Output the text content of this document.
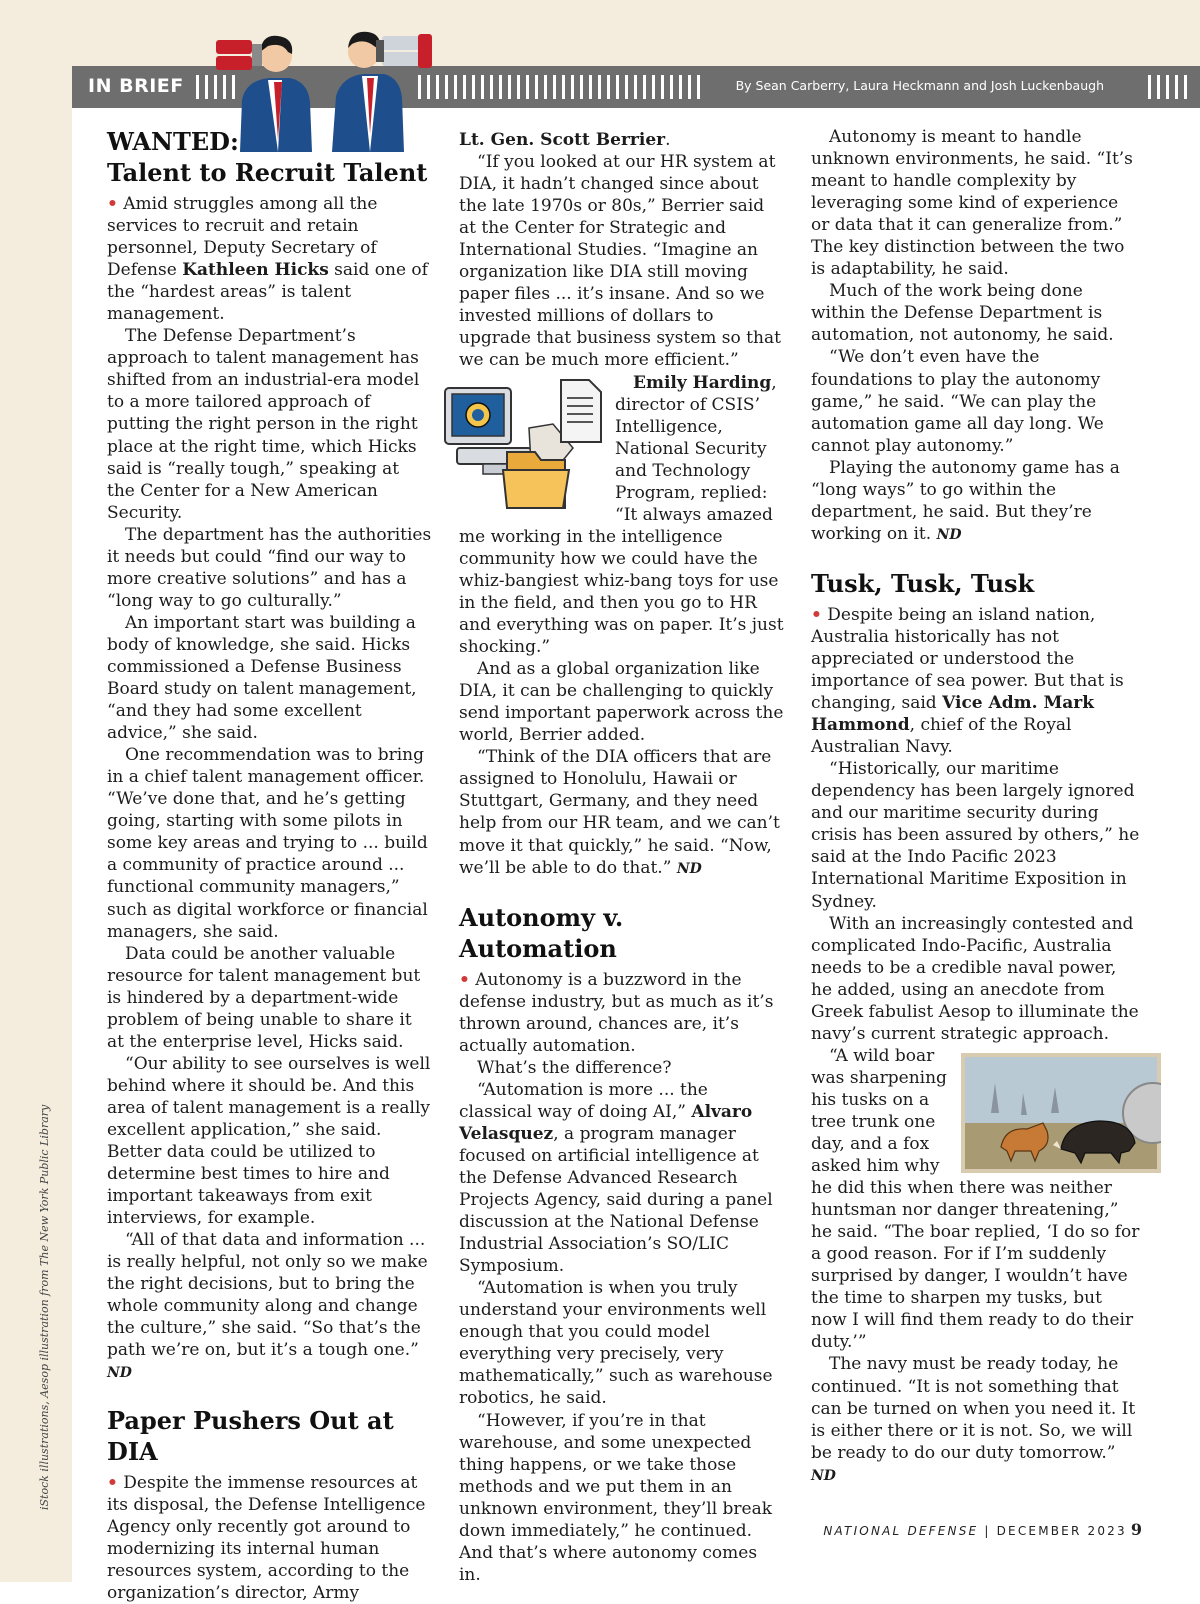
iStock illustrations, Aesop illustration from The New York Public Library
IN BRIEF	By Sean Carberry, Laura Heckmann and Josh Luckenbaugh
WANTED:
Talent to Recruit Talent

• Amid struggles among all the services to recruit and retain personnel, Deputy Secretary of Defense Kathleen Hicks said one of the “hardest areas” is talent management.

The Defense Department’s approach to talent management has shifted from an industrial-era model to a more tailored approach of putting the right person in the right place at the right time, which Hicks said is “really tough,” speaking at the Center for a New American Security.

The department has the authorities it needs but could “find our way to more creative solutions” and has a “long way to go culturally.”

An important start was building a body of knowledge, she said. Hicks commissioned a Defense Business Board study on talent management, “and they had some excellent advice,” she said.

One recommendation was to bring in a chief talent management officer. “We’ve done that, and he’s getting going, starting with some pilots in some key areas and trying to ... build a community of practice around ... functional community managers,” such as digital workforce or financial managers, she said.

Data could be another valuable resource for talent management but is hindered by a department-wide problem of being unable to share it at the enterprise level, Hicks said.

“Our ability to see ourselves is well behind where it should be. And this area of talent management is a really excellent application,” she said. Better data could be utilized to determine best times to hire and important takeaways from exit interviews, for example.

“All of that data and information ... is really helpful, not only so we make the right decisions, but to bring the whole community along and change the culture,” she said. “So that’s the path we’re on, but it’s a tough one.” ND

Paper Pushers Out at DIA

• Despite the immense resources at its disposal, the Defense Intelligence Agency only recently got around to modernizing its internal human resources system, according to the organization’s director, Army

Lt. Gen. Scott Berrier.

“If you looked at our HR system at DIA, it hadn’t changed since about the late 1970s or 80s,” Berrier said at the Center for Strategic and International Studies. “Imagine an organization like DIA still moving paper files ... it’s insane. And so we invested millions of dollars to upgrade that business system so that we can be much more efficient.”

Emily Harding, director of CSIS’ Intelligence, National Security and Technology Program, replied: “It always amazed me working in the intelligence community how we could have the whiz-bangiest whiz-bang toys for use in the field, and then you go to HR and everything was on paper. It’s just shocking.”

And as a global organization like DIA, it can be challenging to quickly send important paperwork across the world, Berrier added.

“Think of the DIA officers that are assigned to Honolulu, Hawaii or Stuttgart, Germany, and they need help from our HR team, and we can’t move it that quickly,” he said. “Now, we’ll be able to do that.” ND

Autonomy v. Automation

• Autonomy is a buzzword in the defense industry, but as much as it’s thrown around, chances are, it’s actually automation.

What’s the difference?

“Automation is more ... the classical way of doing AI,” Alvaro Velasquez, a program manager focused on artificial intelligence at the Defense Advanced Research Projects Agency, said during a panel discussion at the National Defense Industrial Association’s SO/LIC Symposium.

“Automation is when you truly understand your environments well enough that you could model everything very precisely, very mathematically,” such as warehouse robotics, he said.

“However, if you’re in that warehouse, and some unexpected thing happens, or we take those methods and we put them in an unknown environment, they’ll break down immediately,” he continued. And that’s where autonomy comes in.

Autonomy is meant to handle unknown environments, he said. “It’s meant to handle complexity by leveraging some kind of experience or data that it can generalize from.” The key distinction between the two is adaptability, he said.

Much of the work being done within the Defense Department is automation, not autonomy, he said.

“We don’t even have the foundations to play the autonomy game,” he said. “We can play the automation game all day long. We cannot play autonomy.”

Playing the autonomy game has a “long ways” to go within the department, he said. But they’re working on it. ND

Tusk, Tusk, Tusk

• Despite being an island nation, Australia historically has not appreciated or understood the importance of sea power. But that is changing, said Vice Adm. Mark Hammond, chief of the Royal Australian Navy.

“Historically, our maritime dependency has been largely ignored and our maritime security during crisis has been assured by others,” he said at the Indo Pacific 2023 International Maritime Exposition in Sydney.

With an increasingly contested and complicated Indo-Pacific, Australia needs to be a credible naval power, he added, using an anecdote from Greek fabulist Aesop to illuminate the navy’s current strategic approach.

“A wild boar was sharpening his tusks on a tree trunk one day, and a fox asked him why he did this when there was neither huntsman nor danger threatening,” he said. “The boar replied, ‘I do so for a good reason. For if I’m suddenly surprised by danger, I wouldn’t have the time to sharpen my tusks, but now I will find them ready to do their duty.’”

The navy must be ready today, he continued. “It is not something that can be turned on when you need it. It is either there or it is not. So, we will be ready to do our duty tomorrow.” ND

NATIONAL DEFENSE | DECEMBER 2023 9
